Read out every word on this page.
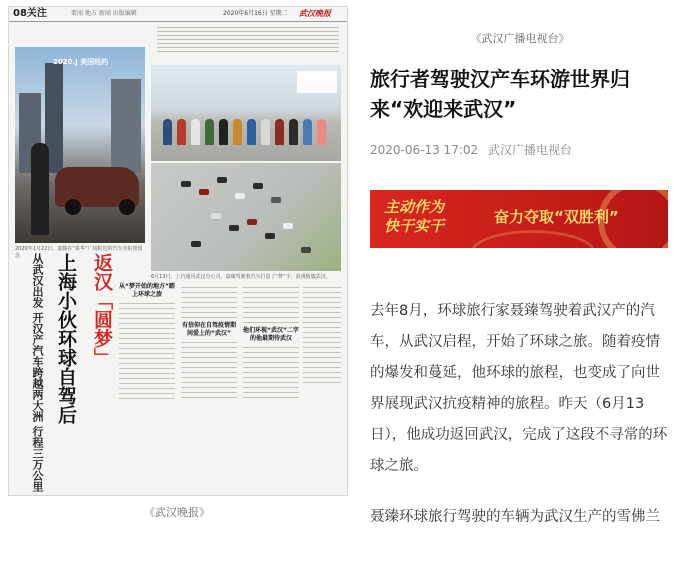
08关注	要闻 地方 新闻 出版编辑	2020年6月16日 星期二 武汉晚报
2020.J 美国纽约
2020年1月22日，嘉臻在“泰华”广场附近的汽车旁拍照留念
6月13日，上汽通用武汉分公司，嘉臻驾驶着汽车打造了“梦”字，浪漫致敬武汉。
返汉「圆梦」
上海小伙环球自驾后
从武汉出发 开汉产汽车跨越两大洲 行程三万公里	从“梦开始的地方”踏上环球之旅
有信仰在自驾疫情期间爱上的“武汉”	他们环视“武汉”二字的他最期待武汉
《武汉晚报》
《武汉广播电视台》
旅行者驾驶汉产车环游世界归来“欢迎来武汉”
2020-06-13 17:02 武汉广播电视台
主动作为
快干实干	奋力夺取“双胜利”

去年8月，环球旅行家聂臻驾驶着武汉产的汽车，从武汉启程，开始了环球之旅。随着疫情的爆发和蔓延，他环球的旅程，也变成了向世界展现武汉抗疫精神的旅程。昨天（6月13日），他成功返回武汉，完成了这段不寻常的环球之旅。

聂臻环球旅行驾驶的车辆为武汉生产的雪佛兰
